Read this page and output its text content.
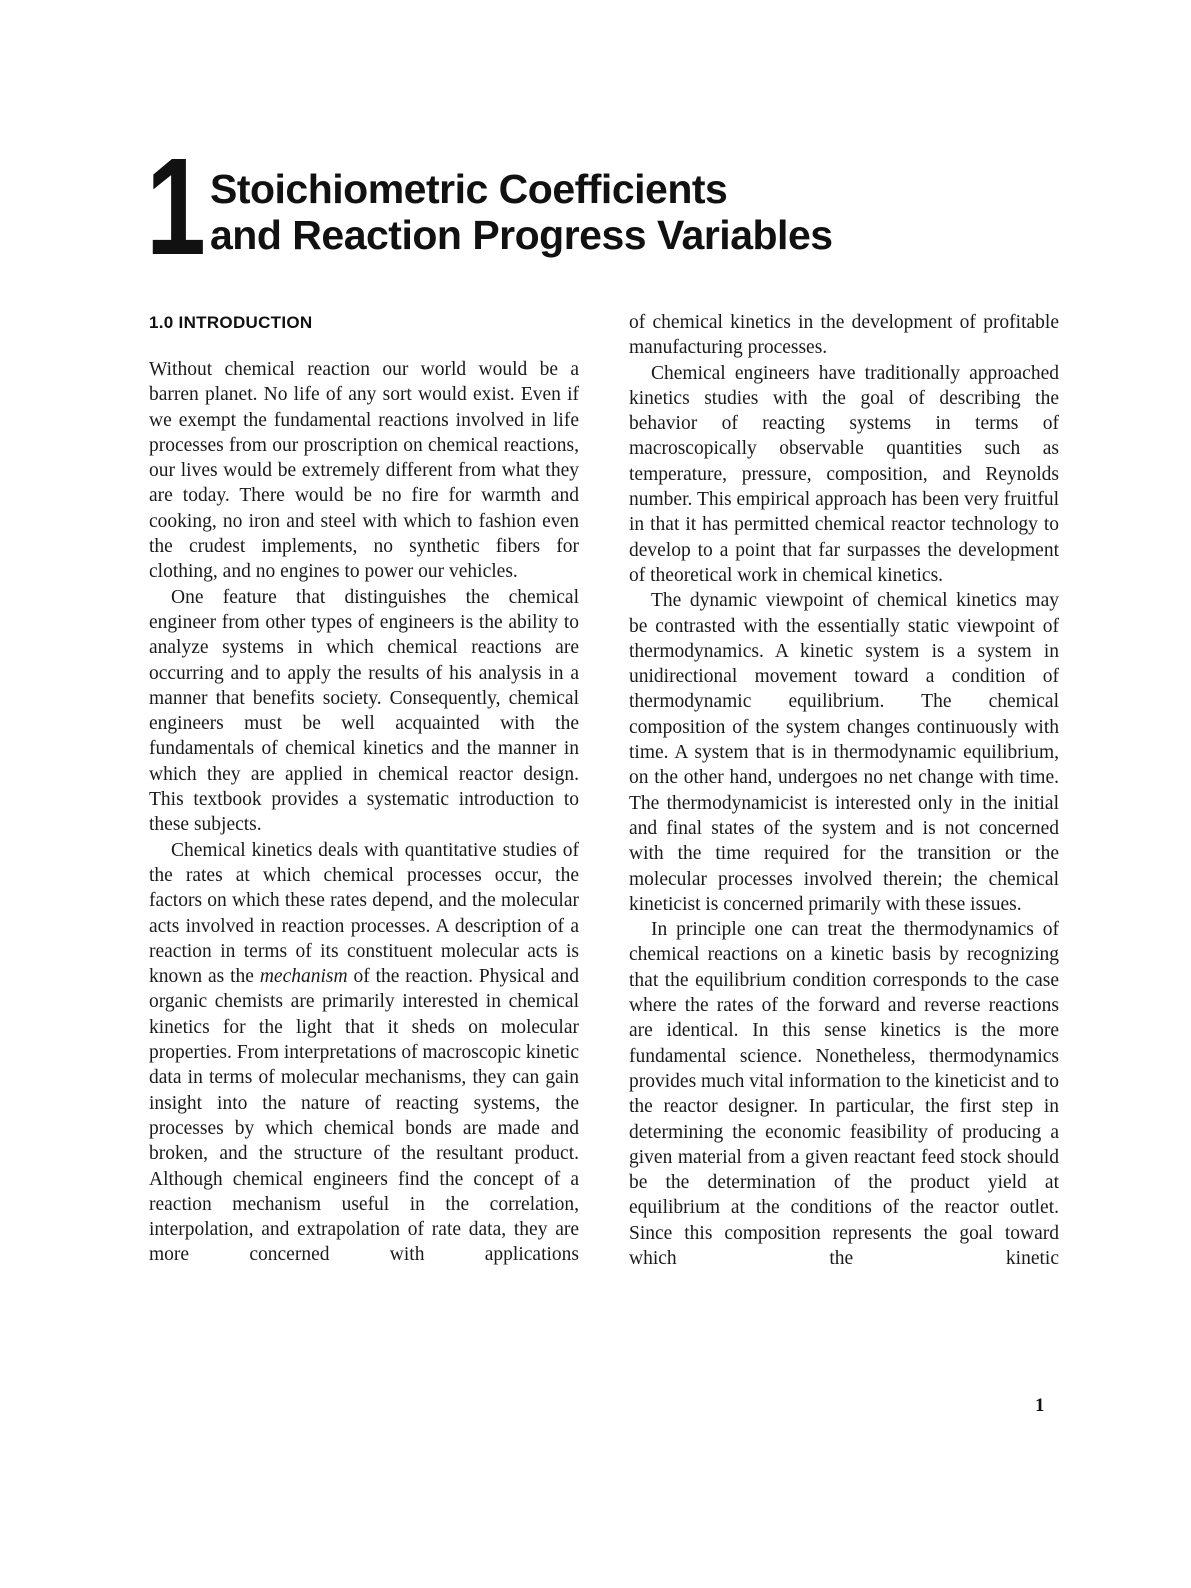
1 Stoichiometric Coefficients
and Reaction Progress Variables
1.0 INTRODUCTION

Without chemical reaction our world would be a barren planet. No life of any sort would exist. Even if we exempt the fundamental reactions involved in life processes from our proscription on chemical reactions, our lives would be extremely different from what they are today. There would be no fire for warmth and cooking, no iron and steel with which to fashion even the crudest implements, no synthetic fibers for clothing, and no engines to power our vehicles.

One feature that distinguishes the chemical engineer from other types of engineers is the ability to analyze systems in which chemical reactions are occurring and to apply the results of his analysis in a manner that benefits society. Consequently, chemical engineers must be well acquainted with the fundamentals of chemical kinetics and the manner in which they are applied in chemical reactor design. This textbook provides a systematic introduction to these subjects.

Chemical kinetics deals with quantitative studies of the rates at which chemical processes occur, the factors on which these rates depend, and the molecular acts involved in reaction processes. A description of a reaction in terms of its constituent molecular acts is known as the mechanism of the reaction. Physical and organic chemists are primarily interested in chemical kinetics for the light that it sheds on molecular properties. From interpretations of macroscopic kinetic data in terms of molecular mechanisms, they can gain insight into the nature of reacting systems, the processes by which chemical bonds are made and broken, and the structure of the resultant product. Although chemical engineers find the concept of a reaction mechanism useful in the correlation, interpolation, and extrapolation of rate data, they are more concerned with applications

of chemical kinetics in the development of profitable manufacturing processes.

Chemical engineers have traditionally approached kinetics studies with the goal of describing the behavior of reacting systems in terms of macroscopically observable quantities such as temperature, pressure, composition, and Reynolds number. This empirical approach has been very fruitful in that it has permitted chemical reactor technology to develop to a point that far surpasses the development of theoretical work in chemical kinetics.

The dynamic viewpoint of chemical kinetics may be contrasted with the essentially static viewpoint of thermodynamics. A kinetic system is a system in unidirectional movement toward a condition of thermodynamic equilibrium. The chemical composition of the system changes continuously with time. A system that is in thermodynamic equilibrium, on the other hand, undergoes no net change with time. The thermodynamicist is interested only in the initial and final states of the system and is not concerned with the time required for the transition or the molecular processes involved therein; the chemical kineticist is concerned primarily with these issues.

In principle one can treat the thermodynamics of chemical reactions on a kinetic basis by recognizing that the equilibrium condition corresponds to the case where the rates of the forward and reverse reactions are identical. In this sense kinetics is the more fundamental science. Nonetheless, thermodynamics provides much vital information to the kineticist and to the reactor designer. In particular, the first step in determining the economic feasibility of producing a given material from a given reactant feed stock should be the determination of the product yield at equilibrium at the conditions of the reactor outlet. Since this composition represents the goal toward which the kinetic

1
